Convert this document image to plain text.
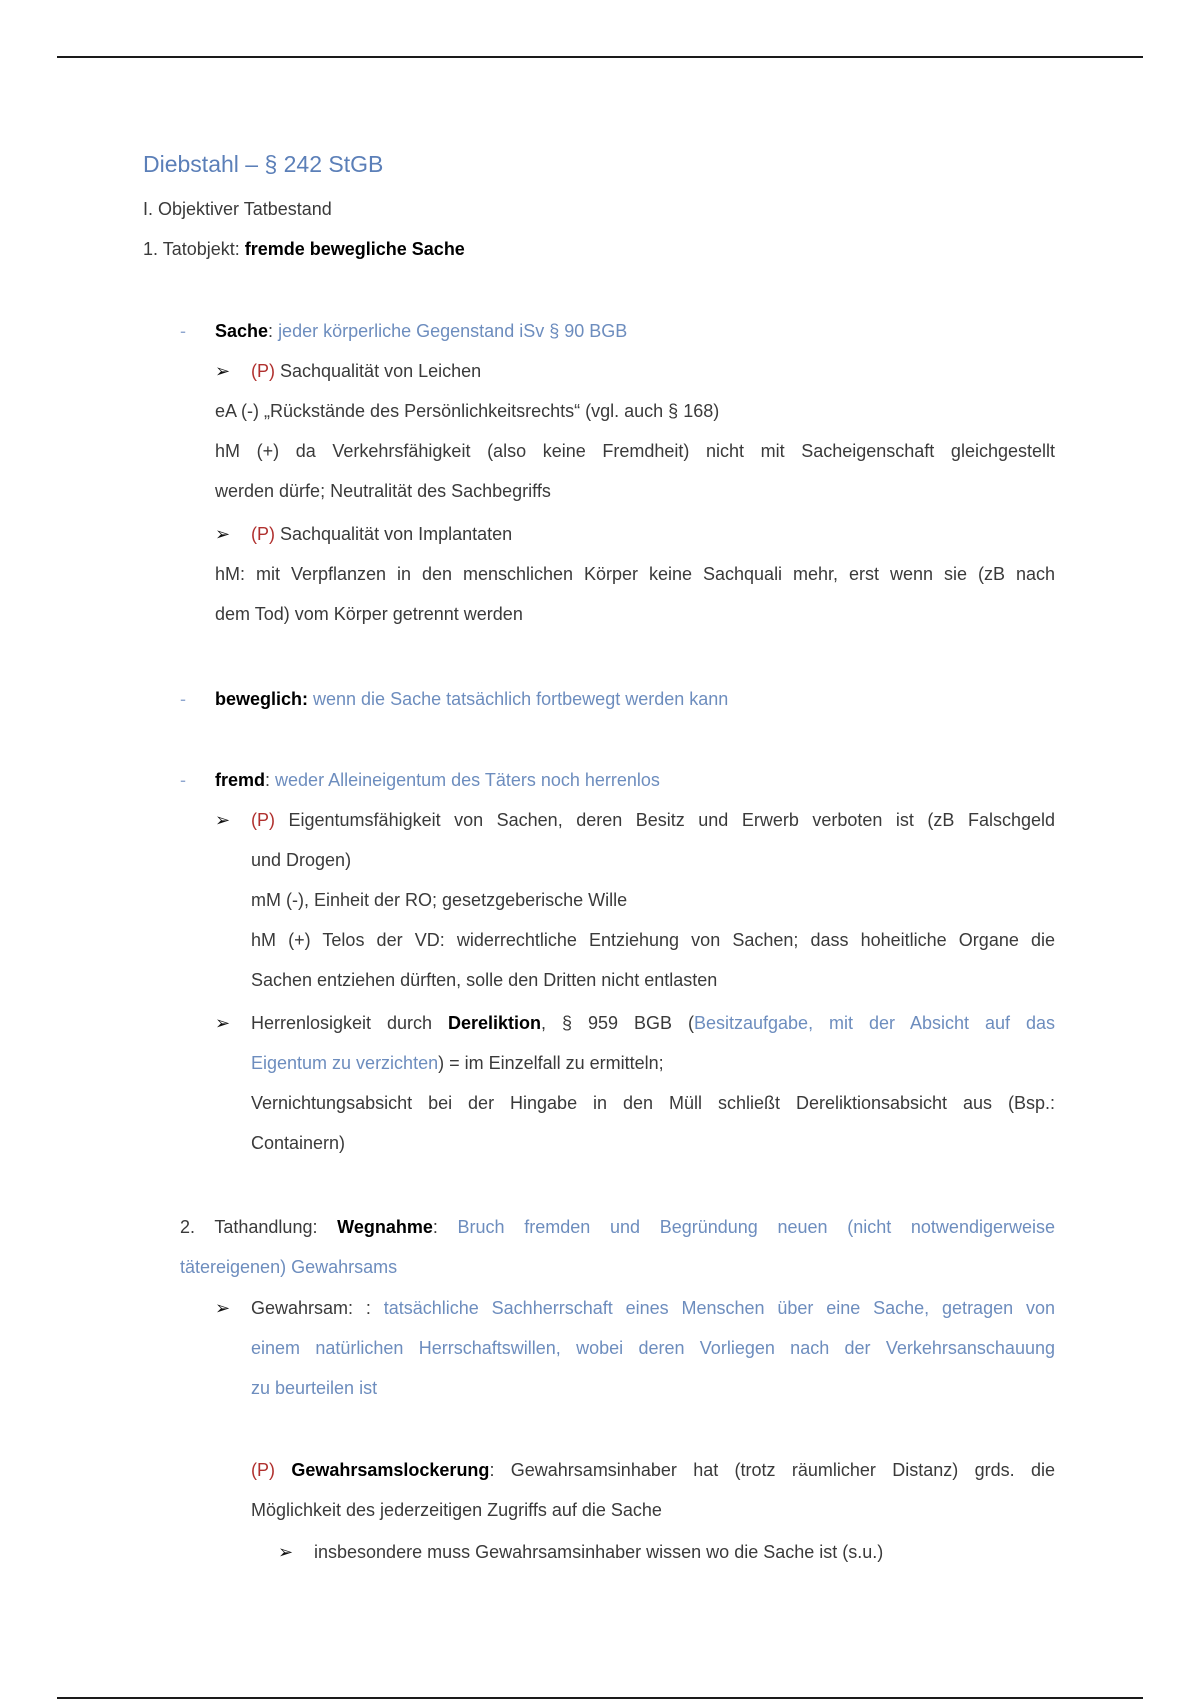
Diebstahl – § 242 StGB
I. Objektiver Tatbestand
1. Tatobjekt: fremde bewegliche Sache
- Sache: jeder körperliche Gegenstand iSv § 90 BGB
➢ (P) Sachqualität von Leichen
eA (-) „Rückstände des Persönlichkeitsrechts“ (vgl. auch § 168)
hM (+) da Verkehrsfähigkeit (also keine Fremdheit) nicht mit Sacheigenschaft gleichgestellt
werden dürfe; Neutralität des Sachbegriffs
➢ (P) Sachqualität von Implantaten
hM: mit Verpflanzen in den menschlichen Körper keine Sachquali mehr, erst wenn sie (zB nach
dem Tod) vom Körper getrennt werden
- beweglich: wenn die Sache tatsächlich fortbewegt werden kann
- fremd: weder Alleineigentum des Täters noch herrenlos
➢ (P) Eigentumsfähigkeit von Sachen, deren Besitz und Erwerb verboten ist (zB Falschgeld
und Drogen)
mM (-), Einheit der RO; gesetzgeberische Wille
hM (+) Telos der VD: widerrechtliche Entziehung von Sachen; dass hoheitliche Organe die
Sachen entziehen dürften, solle den Dritten nicht entlasten
➢ Herrenlosigkeit durch Dereliktion, § 959 BGB (Besitzaufgabe, mit der Absicht auf das
Eigentum zu verzichten) = im Einzelfall zu ermitteln;
Vernichtungsabsicht bei der Hingabe in den Müll schließt Dereliktionsabsicht aus (Bsp.:
Containern)
2. Tathandlung: Wegnahme: Bruch fremden und Begründung neuen (nicht notwendigerweise
tätereigenen) Gewahrsams
➢ Gewahrsam: : tatsächliche Sachherrschaft eines Menschen über eine Sache, getragen von
einem natürlichen Herrschaftswillen, wobei deren Vorliegen nach der Verkehrsanschauung
zu beurteilen ist
(P) Gewahrsamslockerung: Gewahrsamsinhaber hat (trotz räumlicher Distanz) grds. die
Möglichkeit des jederzeitigen Zugriffs auf die Sache
➢ insbesondere muss Gewahrsamsinhaber wissen wo die Sache ist (s.u.)
